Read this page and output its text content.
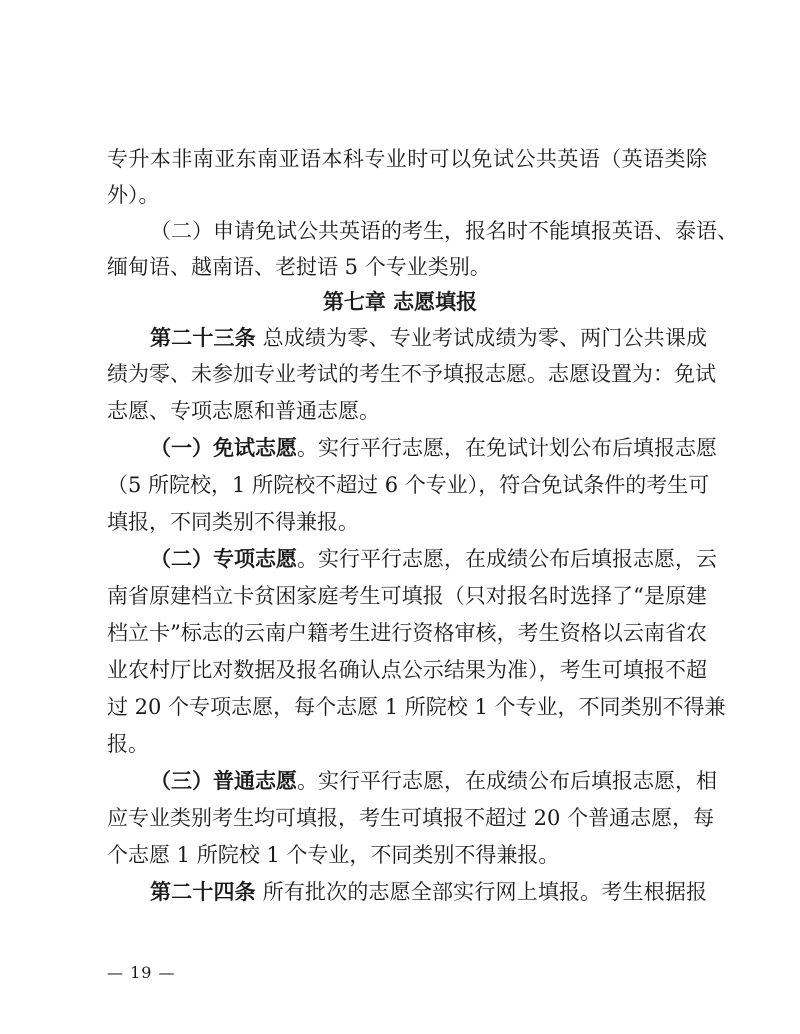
专升本非南亚东南亚语本科专业时可以免试公共英语（英语类除
外）。
（二）申请免试公共英语的考生，报名时不能填报英语、泰语、
缅甸语、越南语、老挝语 5 个专业类别。
第七章 志愿填报
第二十三条 总成绩为零、专业考试成绩为零、两门公共课成
绩为零、未参加专业考试的考生不予填报志愿。志愿设置为：免试
志愿、专项志愿和普通志愿。
（一）免试志愿。实行平行志愿，在免试计划公布后填报志愿
（5 所院校，1 所院校不超过 6 个专业），符合免试条件的考生可
填报，不同类别不得兼报。
（二）专项志愿。实行平行志愿，在成绩公布后填报志愿，云
南省原建档立卡贫困家庭考生可填报（只对报名时选择了“是原建
档立卡”标志的云南户籍考生进行资格审核，考生资格以云南省农
业农村厅比对数据及报名确认点公示结果为准），考生可填报不超
过 20 个专项志愿，每个志愿 1 所院校 1 个专业，不同类别不得兼
报。
（三）普通志愿。实行平行志愿，在成绩公布后填报志愿，相
应专业类别考生均可填报，考生可填报不超过 20 个普通志愿，每
个志愿 1 所院校 1 个专业，不同类别不得兼报。
第二十四条 所有批次的志愿全部实行网上填报。考生根据报
— 19 —
